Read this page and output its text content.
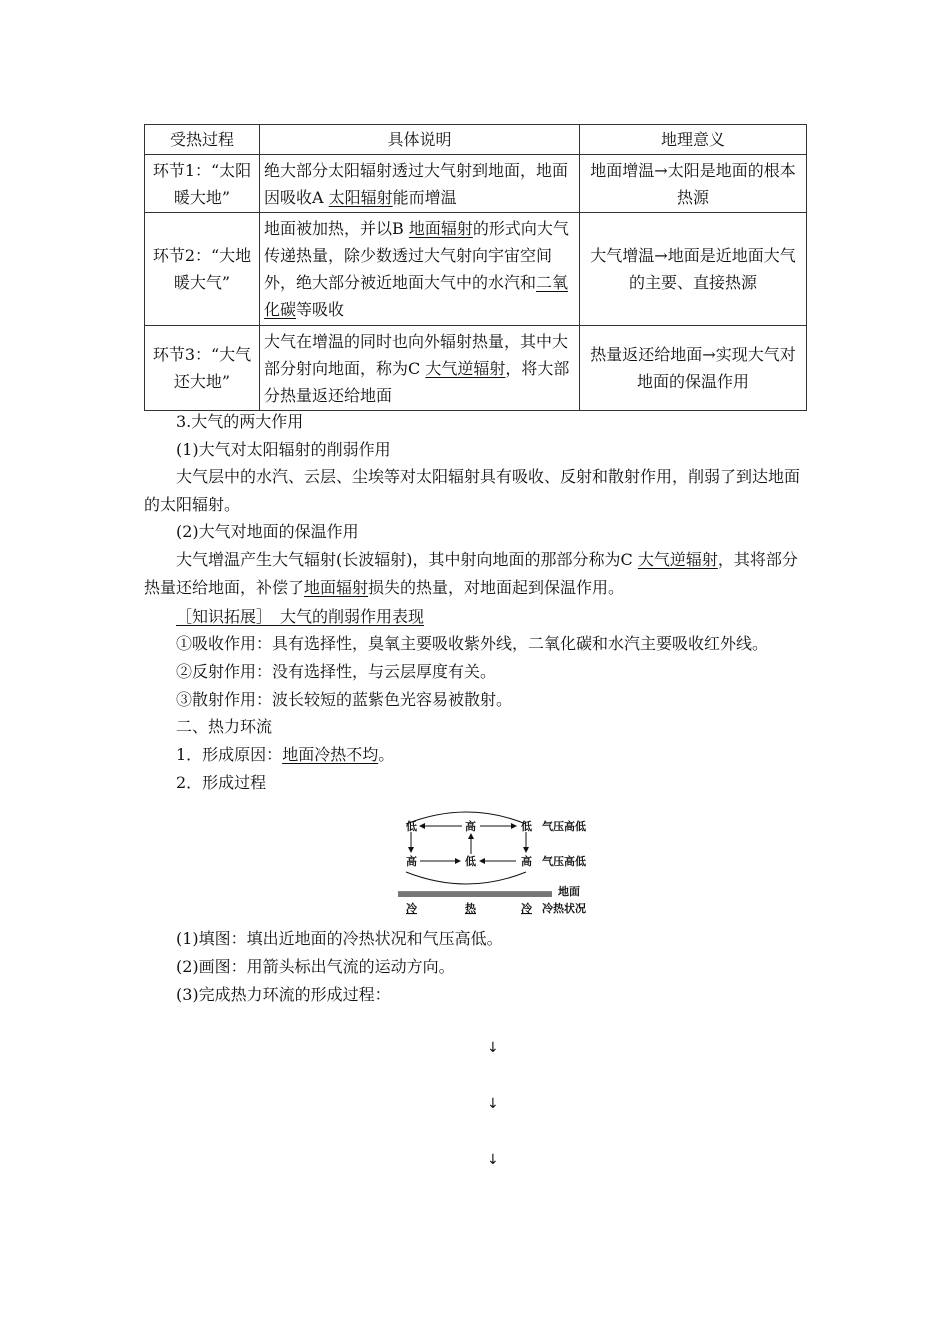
受热过程	具体说明	地理意义
环节1：“太阳暖大地”	绝大部分太阳辐射透过大气射到地面，地面因吸收A 太阳辐射能而增温	地面增温→太阳是地面的根本热源
环节2：“大地暖大气”	地面被加热，并以B 地面辐射的形式向大气传递热量，除少数透过大气射向宇宙空间外，绝大部分被近地面大气中的水汽和二氧化碳等吸收	大气增温→地面是近地面大气的主要、直接热源
环节3：“大气还大地”	大气在增温的同时也向外辐射热量，其中大部分射向地面，称为C 大气逆辐射，将大部分热量返还给地面	热量返还给地面→实现大气对地面的保温作用
3.大气的两大作用
(1)大气对太阳辐射的削弱作用
大气层中的水汽、云层、尘埃等对太阳辐射具有吸收、反射和散射作用，削弱了到达地面的太阳辐射。
(2)大气对地面的保温作用
大气增温产生大气辐射(长波辐射)，其中射向地面的那部分称为C 大气逆辐射，其将部分热量还给地面，补偿了地面辐射损失的热量，对地面起到保温作用。
［知识拓展］　大气的削弱作用表现
①吸收作用：具有选择性，臭氧主要吸收紫外线，二氧化碳和水汽主要吸收红外线。
②反射作用：没有选择性，与云层厚度有关。
③散射作用：波长较短的蓝紫色光容易被散射。
二、热力环流
1．形成原因：地面冷热不均。
2．形成过程
低	高	低 气压高低
高	低	高 气压高低
地面
冷	热	冷 冷热状况
(1)填图：填出近地面的冷热状况和气压高低。
(2)画图：用箭头标出气流的运动方向。
(3)完成热力环流的形成过程：
↓
↓
↓
